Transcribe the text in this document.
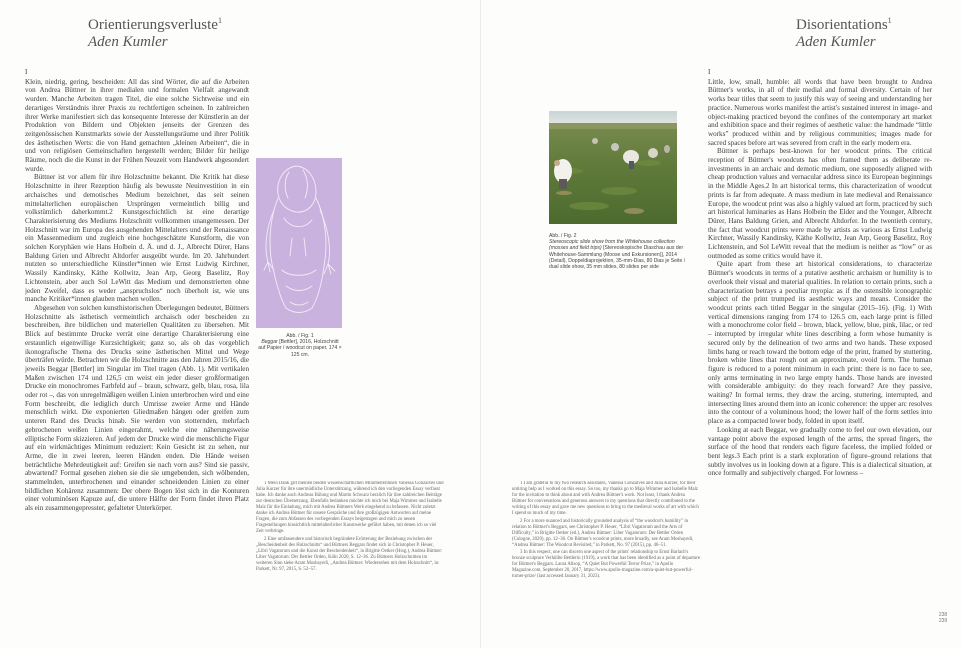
Orientierungsverluste$^1$
Aden Kumler
I

Klein, niedrig, gering, bescheiden: All das sind Wörter, die auf die Arbeiten von Andrea Büttner in ihrer medialen und formalen Vielfalt angewandt wurden. Manche Arbeiten tragen Titel, die eine solche Sichtweise und ein derartiges Verständnis ihrer Praxis zu rechtfertigen scheinen. In zahlreichen ihrer Werke manifestiert sich das konsequente Interesse der Künstlerin an der Produktion von Bildern und Objekten jenseits der Grenzen des zeitgenössischen Kunstmarkts sowie der Ausstellungsräume und ihrer Politik des ästhetischen Werts: die von Hand gemachten „kleinen Arbeiten“, die in und von religiösen Gemeinschaften hergestellt werden; Bilder für heilige Räume, noch die die Kunst in der Frühen Neuzeit vom Handwerk abgesondert wurde.

Büttner ist vor allem für ihre Holzschnitte bekannt. Die Kritik hat diese Holzschnitte in ihrer Rezeption häufig als bewusste Neuinvestition in ein archaisches und demotisches Medium bezeichnet, das seit seinen mittelalterlichen europäischen Ursprüngen vermeintlich billig und volkstümlich daherkommt.2 Kunstgeschichtlich ist eine derartige Charakterisierung des Mediums Holzschnitt vollkommen unangemessen. Der Holzschnitt war im Europa des ausgehenden Mittelalters und der Renaissance ein Massenmedium und zugleich eine hochgeschätzte Kunstform, die von solchen Koryphäen wie Hans Holbein d. Ä. und d. J., Albrecht Dürer, Hans Baldung Grien und Albrecht Altdorfer ausgeübt wurde. Im 20. Jahrhundert nutzten so unterschiedliche Künstler*innen wie Ernst Ludwig Kirchner, Wassily Kandinsky, Käthe Kollwitz, Jean Arp, Georg Baselitz, Roy Lichtenstein, aber auch Sol LeWitt das Medium und demonstrierten ohne jeden Zweifel, dass es weder „anspruchslos“ noch überholt ist, wie uns manche Kritiker*innen glauben machen wollen.

Abgesehen von solchen kunsthistorischen Überlegungen bedeutet, Büttners Holzschnitte als ästhetisch vermeintlich archaisch oder bescheiden zu beschreiben, ihre bildlichen und materiellen Qualitäten zu übersehen. Mit Blick auf bestimmte Drucke verrät eine derartige Charakterisierung eine erstaunlich eigenwillige Kurzsichtigkeit; ganz so, als ob das vorgeblich ikonografische Thema des Drucks seine ästhetischen Mittel und Wege überträfen würde. Betrachten wir die Holzschnitte aus den Jahren 2015/16, die jeweils Beggar [Bettler] im Singular im Titel tragen (Abb. 1). Mit vertikalen Maßen zwischen 174 und 126,5 cm weist ein jeder dieser großformatigen Drucke ein monochromes Farbfeld auf – braun, schwarz, gelb, blau, rosa, lila oder rot –, das von unregelmäßigen weißen Linien unterbrochen wird und eine Form beschreibt, die lediglich durch Umrisse zweier Arme und Hände menschlich wirkt. Die exponierten Gliedmaßen hängen oder greifen zum unteren Rand des Drucks hinab. Sie werden von stotternden, mehrfach gebrochenen weißen Linien eingerahmt, welche eine näherungsweise elliptische Form skizzieren. Auf jedem der Drucke wird die menschliche Figur auf ein wirkmächtiges Minimum reduziert: Kein Gesicht ist zu sehen, nur Arme, die in zwei leeren, leeren Händen enden. Die Hände weisen beträchtliche Mehrdeutigkeit auf: Greifen sie nach vorn aus? Sind sie passiv, abwartend? Formal gesehen ziehen sie die sie umgebenden, sich wölbenden, stammelnden, unterbrochenen und einander schneidenden Linien zu einer bildlichen Kohärenz zusammen: Der obere Bogen löst sich in die Konturen einer voluminösen Kapuze auf, die untere Hälfte der Form findet ihren Platz als ein zusammengepresster, gefalteter Unterkörper.

Abb. / Fig. 1
Beggar [Bettler], 2016, Holzschnitt auf Papier / woodcut on paper, 174 × 125 cm.

1 Mein Dank gilt meinen beiden wissenschaftlichen Mitarbeiterinnen Vanessa Gonzalves und Julia Kurzer für ihre unermüdliche Unterstützung, während ich den vorliegenden Essay verfasst habe. Ich danke auch Andreas Bülung und Martin Schwarz herzlich für ihre zahlreichen Beiträge zur deutschen Übersetzung. Ebenfalls bedanken möchte ich mich bei Maja Wimmer und Isabelle Malz für die Einladung, mich mit Andrea Büttners Werk eingehend zu befassen. Nicht zuletzt danke ich Andrea Büttner für unsere Gespräche und ihre großzügigen Antworten auf meine Fragen, die zum Abfassen des vorliegenden Essays beigetragen und mich zu neuen Fragestellungen hinsichtlich mittelalterlicher Kunstwerke geführt haben, mit denen ich so viel Zeit verbringe.

2 Eine umfassendere und historisch begründete Erörterung der Beziehung zwischen der „Bescheidenheit des Holzschnitts“ und Büttners Beggars findet sich in Christopher P. Heuer, „Libri Vagatorum und die Kunst der Bescheidenheit“, in Brigitte Oetker (Hrsg.), Andrea Büttner: Liber Vagatorum: Der Bettler Orden, Köln 2020, S. 12–36. Zu Büttners Holzschnitten im weiteren Sinn siehe Aram Moshayedi, „Andrea Büttner: Wiedersehen mit dem Holzschnitt“, in: Parkett, Nr. 97, 2015, S. 52–57.

Disorientations$^1$
Aden Kumler
Abb. / Fig. 2
Stereoscopic slide show from the Whitehouse collection (mosses and field trips) [Stereoskopische Diaschau aus der Whitehouse-Sammlung (Moose und Exkursionen)], 2014 (Detail), Doppeldiaprojektion, 35-mm-Dias, 80 Dias je Seite / dual slide show, 35 mm slides, 80 slides per side
I

Little, low, small, humble: all words that have been brought to Andrea Büttner's works, in all of their medial and formal diversity. Certain of her works bear titles that seem to justify this way of seeing and understanding her practice. Numerous works manifest the artist's sustained interest in image- and object-making practiced beyond the confines of the contemporary art market and exhibition space and their regimes of aesthetic value: the handmade “little works” produced within and by religious communities; images made for sacred spaces before art was severed from craft in the early modern era.

Büttner is perhaps best-known for her woodcut prints. The critical reception of Büttner's woodcuts has often framed them as deliberate re-investments in an archaic and demotic medium, one supposedly aligned with cheap production values and vernacular address since its European beginnings in the Middle Ages.2 In art historical terms, this characterization of woodcut prints is far from adequate. A mass medium in late medieval and Renaissance Europe, the woodcut print was also a highly valued art form, practiced by such art historical luminaries as Hans Holbein the Elder and the Younger, Albrecht Dürer, Hans Baldung Grien, and Albrecht Altdorfer. In the twentieth century, the fact that woodcut prints were made by artists as various as Ernst Ludwig Kirchner, Wassily Kandinsky, Käthe Kollwitz, Jean Arp, Georg Baselitz, Roy Lichtenstein, and Sol LeWitt reveal that the medium is neither as “low” or as outmoded as some critics would have it.

Quite apart from these art historical considerations, to characterize Büttner's woodcuts in terms of a putative aesthetic archaism or humility is to overlook their visual and material qualities. In relation to certain prints, such a characterization betrays a peculiar myopia: as if the ostensible iconographic subject of the print trumped its aesthetic ways and means. Consider the woodcut prints each titled Beggar in the singular (2015–16). (Fig. 1) With vertical dimensions ranging from 174 to 126.5 cm, each large print is filled with a monochrome color field – brown, black, yellow, blue, pink, lilac, or red – interrupted by irregular white lines describing a form whose humanity is secured only by the delineation of two arms and two hands. These exposed limbs hang or reach toward the bottom edge of the print, framed by stuttering, broken white lines that rough out an approximate, ovoid form. The human figure is reduced to a potent minimum in each print: there is no face to see, only arms terminating in two large empty hands. Those hands are invested with considerable ambiguity: do they reach forward? Are they passive, waiting? In formal terms, they draw the arcing, stuttering, interrupted, and intersecting lines around them into an iconic coherence: the upper arc resolves into the contour of a voluminous hood; the lower half of the form settles into place as a compacted lower body, folded in upon itself.

Looking at each Beggar, we gradually come to feel our own elevation, our vantage point above the exposed length of the arms, the spread fingers, the surface of the hood that renders each figure faceless, the implied folded or bent legs.3 Each print is a stark exploration of figure–ground relations that subtly involves us in looking down at a figure. This is a dialectical situation, at once formally and subjectively charged. For lowness –

1 I am grateful to my two research assistants, Vanessa Gonzalves and Julia Kurzer, for their untiring help as I worked on this essay. So too, my thanks go to Maja Wimmer and Isabelle Malz for the invitation to think about and with Andrea Büttner's work. Not least, I thank Andrea Büttner for conversations and generous answers to my questions that directly contributed to the writing of this essay and gave me new questions to bring to the medieval works of art with which I spend so much of my time.

2 For a more nuanced and historically grounded analysis of “the woodcut's humility” in relation to Büttner's Beggars, see Christopher P. Heuer, “Libri Vagatorum and the Arts of Difficulty,” in Brigitte Oetker (ed.), Andrea Büttner: Liber Vagatorum: Der Bettler Orden (Cologne, 2020), pp. 12–36. On Büttner's woodcut prints, more broadly, see Aram Moshayedi, “Andrea Büttner: The Woodcut Revisited,” in Parkett, No. 97 (2015), pp. 46–51.

3 In this respect, one can discern one aspect of the prints' relationship to Ernst Barlach's bronze sculpture Verhüllte Bettlerin (1919), a work that has been identified as a point of departure for Büttner's Beggars. Laura Allsop, “A Quiet But Powerful Terror Prize,” in Apollo Magazine.com, September 20, 2017, https://www.apollo-magazine.com/a-quiet-but-powerful-turner-prize/ (last accessed January 31, 2023).

238
239
